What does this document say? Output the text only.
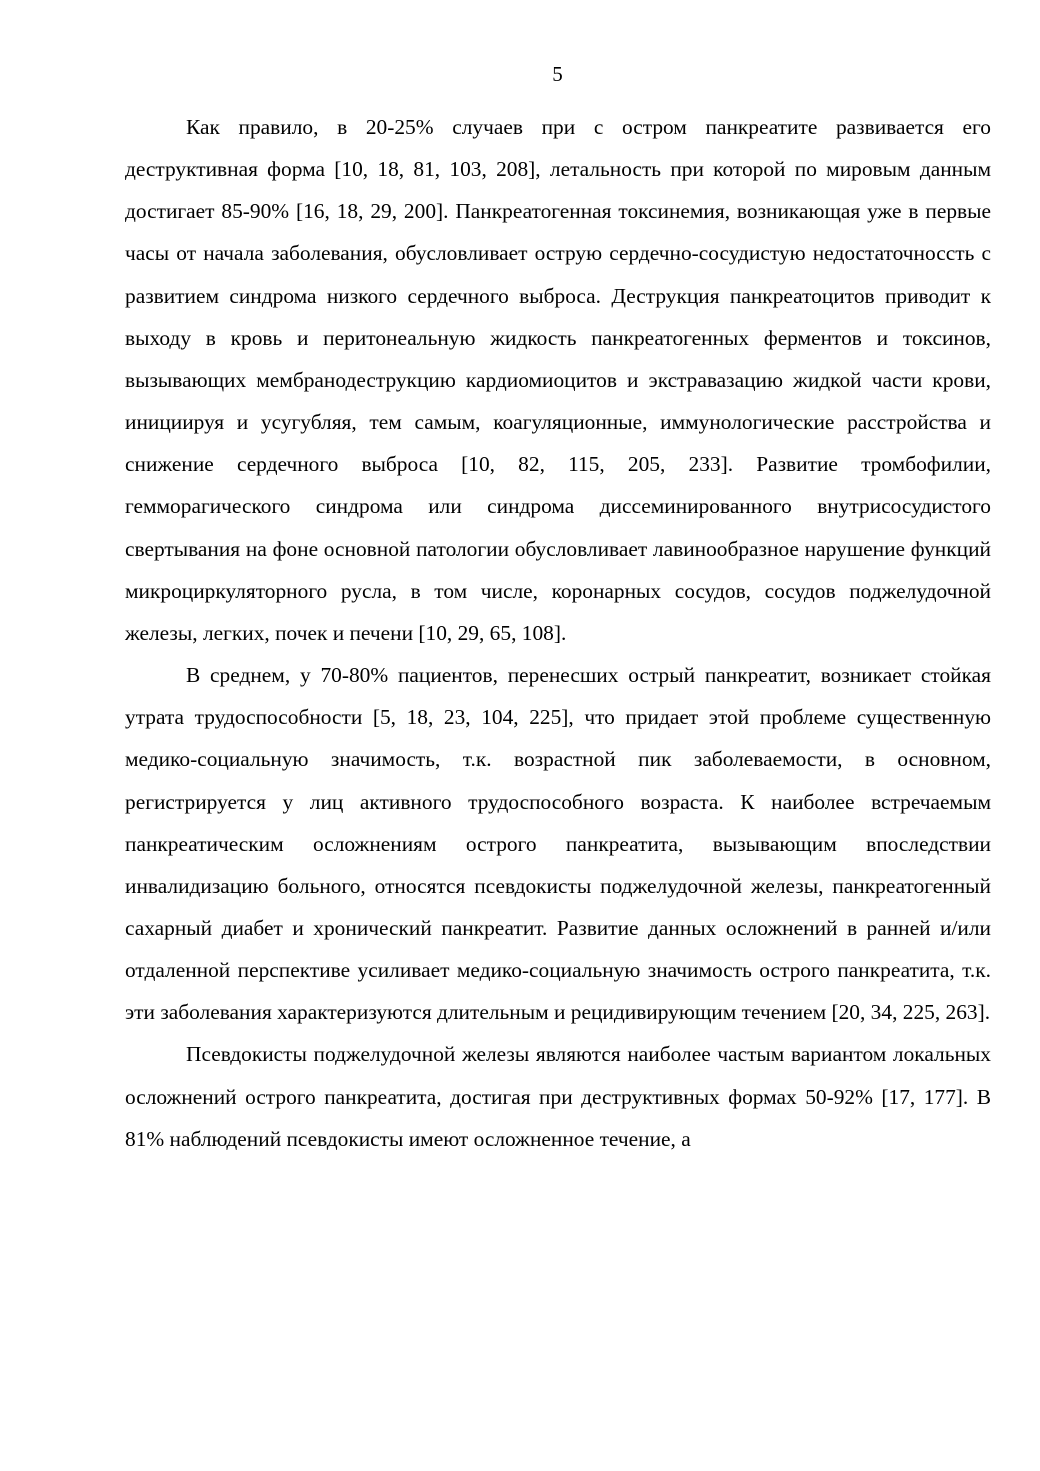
5

Как правило, в 20-25% случаев при с остром панкреатите развивается его деструктивная форма [10, 18, 81, 103, 208], летальность при которой по мировым данным достигает 85-90% [16, 18, 29, 200]. Панкреатогенная токсинемия, возникающая уже в первые часы от начала заболевания, обусловливает острую сердечно-сосудистую недостаточноссть с развитием синдрома низкого сердечного выброса. Деструкция панкреатоцитов приводит к выходу в кровь и перитонеальную жидкость панкреатогенных ферментов и токсинов, вызывающих мембранодеструкцию кардиомиоцитов и экстравазацию жидкой части крови, инициируя и усугубляя, тем самым, коагуляционные, иммунологические расстройства и снижение сердечного выброса [10, 82, 115, 205, 233]. Развитие тромбофилии, гемморагического синдрома или синдрома диссеминированного внутрисосудистого свертывания на фоне основной патологии обусловливает лавинообразное нарушение функций микроциркуляторного русла, в том числе, коронарных сосудов, сосудов поджелудочной железы, легких, почек и печени [10, 29, 65, 108].

В среднем, у 70-80% пациентов, перенесших острый панкреатит, возникает стойкая утрата трудоспособности [5, 18, 23, 104, 225], что придает этой проблеме существенную медико-социальную значимость, т.к. возрастной пик заболеваемости, в основном, регистрируется у лиц активного трудоспособного возраста. К наиболее встречаемым панкреатическим осложнениям острого панкреатита, вызывающим впоследствии инвалидизацию больного, относятся псевдокисты поджелудочной железы, панкреатогенный сахарный диабет и хронический панкреатит. Развитие данных осложнений в ранней и/или отдаленной перспективе усиливает медико-социальную значимость острого панкреатита, т.к. эти заболевания характеризуются длительным и рецидивирующим течением [20, 34, 225, 263].

Псевдокисты поджелудочной железы являются наиболее частым вариантом локальных осложнений острого панкреатита, достигая при деструктивных формах 50-92% [17, 177]. В 81% наблюдений псевдокисты имеют осложненное течение, а
